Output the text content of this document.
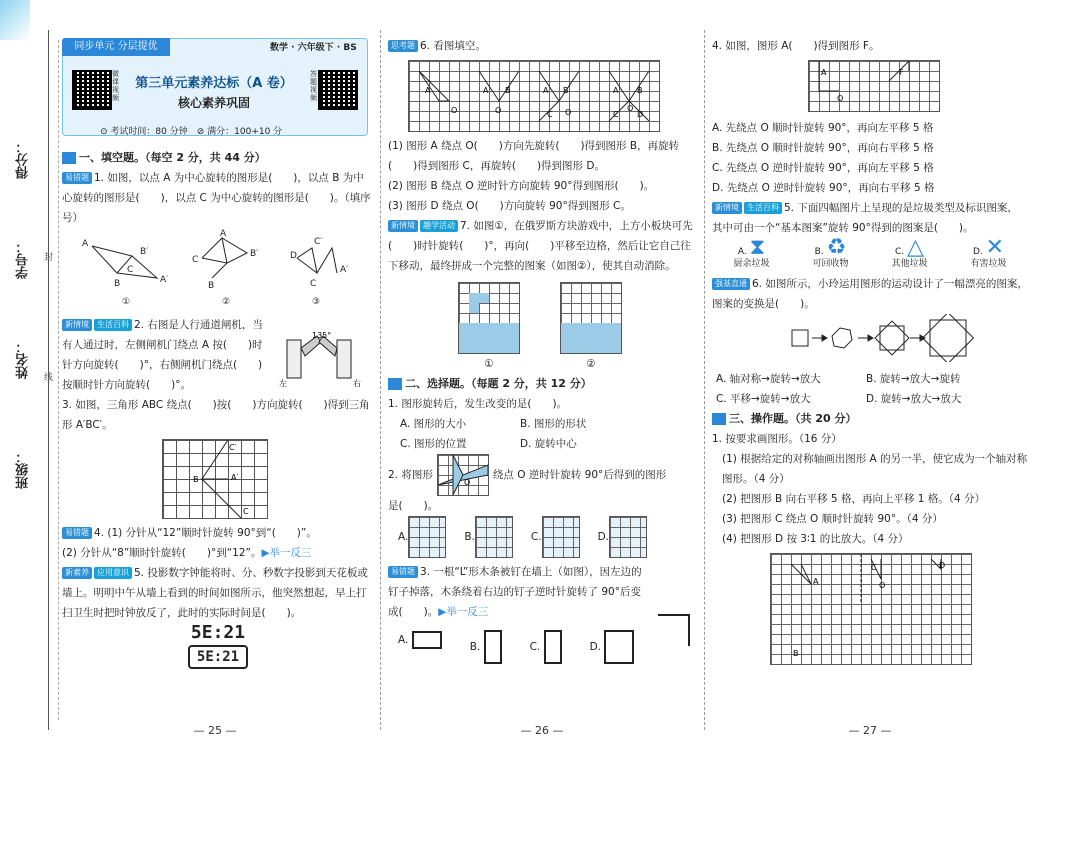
得分：
学号：
姓名：
班级：
封
线
同步单元 分层提优	数学 · 六年级下 · BS
微课视频
答题视频
第三单元素养达标（A 卷）
核心素养巩固
⊙ 考试时间：80 分钟　⊘ 满分：100+10 分
一、填空题。（每空 2 分，共 44 分）
易错题 1. 如图，以点 A 为中心旋转的图形是(　　)，以点 B 为中心旋转的图形是(　　)，以点 C 为中心旋转的图形是(　　)。（填序号）
A
B′
C
A′
B
C
A
B′
B
D
C′
A′
C
①	②	③
新情境 生活百科 2. 右图是人行通道闸机，当有人通过时，左侧闸机门绕点 A 按(　　)时针方向旋转(　　)°，右侧闸机门绕点(　　)按顺时针方向旋转(　　)°。
135°
左	右
3. 如图，三角形 ABC 绕点(　　)按(　　)方向旋转(　　)得到三角形 A′BC′。
C′
B	A′
C
易错题 4. (1) 分针从“12”顺时针旋转 90°到“(　　)”。
(2) 分针从“8”顺时针旋转(　　)°到“12”。▶举一反三
新素养 应用意识 5. 投影数字钟能将时、分、秒数字投影到天花板或墙上。明明中午从墙上看到的时间如图所示，他突然想起，早上打扫卫生时把时钟放反了，此时的实际时间是(　　)。
5E:21
5E:21
— 25 —
思考题 6. 看图填空。
A
O
A B
O
A B
C O
A B
C D
O
(1) 图形 A 绕点 O(　　)方向先旋转(　　)得到图形 B，再旋转(　　)得到图形 C，再旋转(　　)得到图形 D。
(2) 图形 B 绕点 O 逆时针方向旋转 90°得到图形(　　)。
(3) 图形 D 绕点 O(　　)方向旋转 90°得到图形 C。
新情境 趣学活动 7. 如图①，在俄罗斯方块游戏中，上方小板块可先(　　)时针旋转(　　)°，再向(　　)平移至边格，然后让它自己往下移动，最终拼成一个完整的图案（如图②），使其自动消除。
①	②
二、选择题。（每题 2 分，共 12 分）
1. 图形旋转后，发生改变的是(　　)。
A. 图形的大小	B. 图形的形状
C. 图形的位置	D. 旋转中心
2. 将图形
O
绕点 O 逆时针旋转 90°后得到的图形
是(　　)。
A.	B.	C.	D.
易错题 3. 一根“L”形木条被钉在墙上（如图），因左边的钉子掉落，木条绕着右边的钉子逆时针旋转了 90°后变成(　　)。▶举一反三
A.
B.	C.	D.
— 26 —
4. 如图，图形 A(　　)得到图形 F。
A
O
F
A. 先绕点 O 顺时针旋转 90°，再向左平移 5 格
B. 先绕点 O 顺时针旋转 90°，再向右平移 5 格
C. 先绕点 O 逆时针旋转 90°，再向左平移 5 格
D. 先绕点 O 逆时针旋转 90°，再向右平移 5 格
新情境 生活百科 5. 下面四幅图片上呈现的是垃圾类型及标识图案，其中可由一个“基本图案”旋转 90°得到的图案是(　　)。
A. ⧗
厨余垃圾
B. ♻
可回收物
C. △
其他垃圾
D. ✕
有害垃圾
强基直通 6. 如图所示，小玲运用图形的运动设计了一幅漂亮的图案，图案的变换是(　　)。
A. 轴对称→旋转→放大	B. 旋转→放大→旋转
C. 平移→旋转→放大	D. 旋转→放大→放大
三、操作题。（共 20 分）
1. 按要求画图形。（16 分）
(1) 根据给定的对称轴画出图形 A 的另一半，使它成为一个轴对称图形。（4 分）
(2) 把图形 B 向右平移 5 格，再向上平移 1 格。（4 分）
(3) 把图形 C 绕点 O 顺时针旋转 90°。（4 分）
(4) 把图形 D 按 3∶1 的比放大。（4 分）
A
C
O
D
B
— 27 —
